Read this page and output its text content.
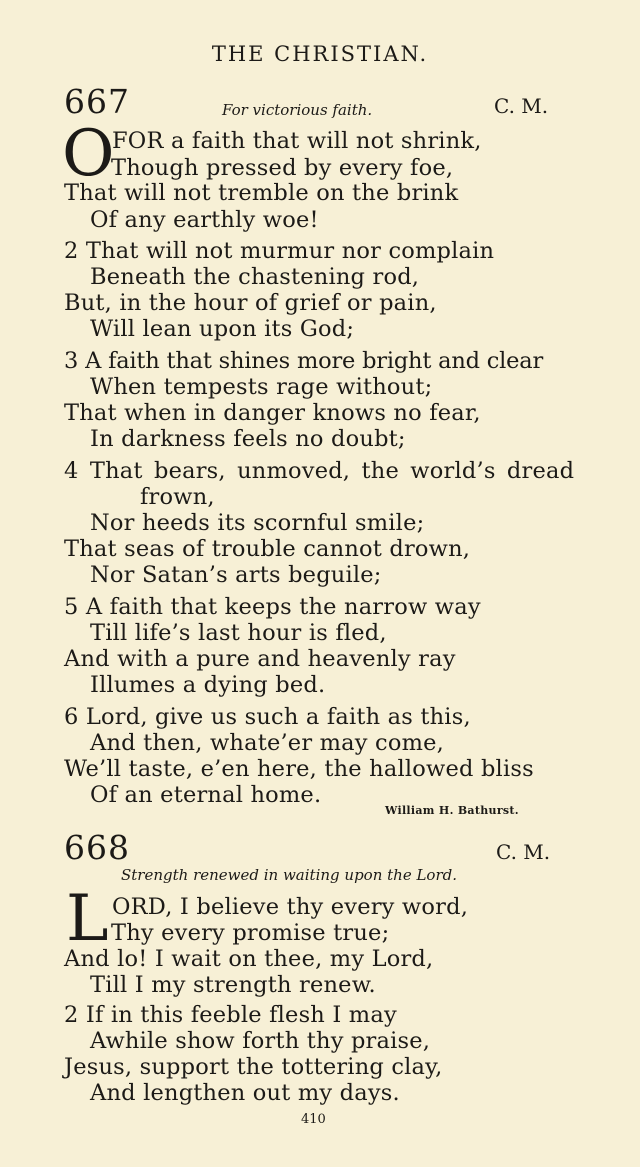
THE CHRISTIAN.
667	For victorious faith.	C. M.
O
FOR a faith that will not shrink,
Though pressed by every foe,
That will not tremble on the brink
Of any earthly woe!
2 That will not murmur nor complain
Beneath the chastening rod,
But, in the hour of grief or pain,
Will lean upon its God;
3 A faith that shines more bright and clear
When tempests rage without;
That when in danger knows no fear,
In darkness feels no doubt;
4 That bears, unmoved, the world’s dread
frown,
Nor heeds its scornful smile;
That seas of trouble cannot drown,
Nor Satan’s arts beguile;
5 A faith that keeps the narrow way
Till life’s last hour is fled,
And with a pure and heavenly ray
Illumes a dying bed.
6 Lord, give us such a faith as this,
And then, whate’er may come,
We’ll taste, e’en here, the hallowed bliss
Of an eternal home.
William H. Bathurst.
668	C. M.
Strength renewed in waiting upon the Lord.
L ORD, I believe thy every word,
Thy every promise true;
And lo! I wait on thee, my Lord,
Till I my strength renew.
2 If in this feeble flesh I may
Awhile show forth thy praise,
Jesus, support the tottering clay,
And lengthen out my days.
410
